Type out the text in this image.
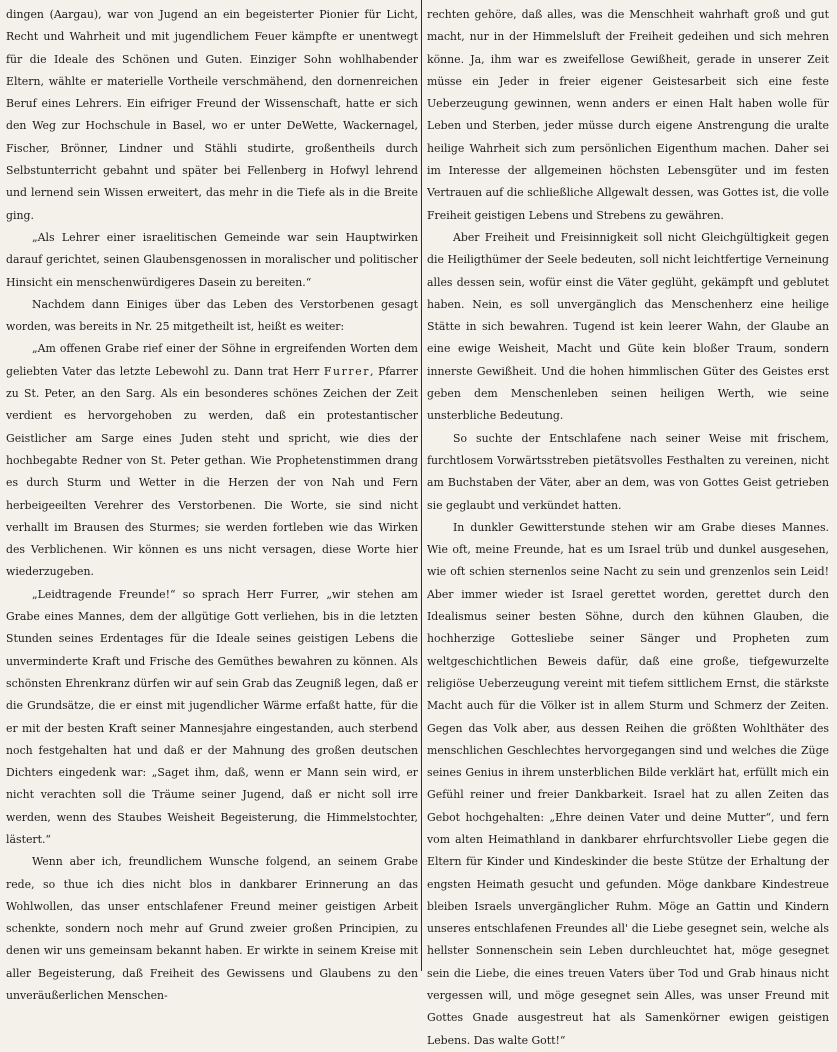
dingen (Aargau), war von Jugend an ein begeisterter Pionier für Licht, Recht und Wahrheit und mit jugendlichem Feuer kämpfte er unentwegt für die Ideale des Schönen und Guten. Einziger Sohn wohlhabender Eltern, wählte er materielle Vortheile verschmähend, den dornenreichen Beruf eines Lehrers. Ein eifriger Freund der Wissenschaft, hatte er sich den Weg zur Hochschule in Basel, wo er unter DeWette, Wackernagel, Fischer, Brönner, Lindner und Stähli studirte, großentheils durch Selbstunterricht gebahnt und später bei Fellenberg in Hofwyl lehrend und lernend sein Wissen erweitert, das mehr in die Tiefe als in die Breite ging.

„Als Lehrer einer israelitischen Gemeinde war sein Hauptwirken darauf gerichtet, seinen Glaubensgenossen in moralischer und politischer Hinsicht ein menschenwürdigeres Dasein zu bereiten.“

Nachdem dann Einiges über das Leben des Verstorbenen gesagt worden, was bereits in Nr. 25 mitgetheilt ist, heißt es weiter:

„Am offenen Grabe rief einer der Söhne in ergreifenden Worten dem geliebten Vater das letzte Lebewohl zu. Dann trat Herr Furrer, Pfarrer zu St. Peter, an den Sarg. Als ein besonderes schönes Zeichen der Zeit verdient es hervorgehoben zu werden, daß ein protestantischer Geistlicher am Sarge eines Juden steht und spricht, wie dies der hochbegabte Redner von St. Peter gethan. Wie Prophetenstimmen drang es durch Sturm und Wetter in die Herzen der von Nah und Fern herbeigeeilten Verehrer des Verstorbenen. Die Worte, sie sind nicht verhallt im Brausen des Sturmes; sie werden fortleben wie das Wirken des Verblichenen. Wir können es uns nicht versagen, diese Worte hier wiederzugeben.

„Leidtragende Freunde!“ so sprach Herr Furrer, „wir stehen am Grabe eines Mannes, dem der allgütige Gott verliehen, bis in die letzten Stunden seines Erdentages für die Ideale seines geistigen Lebens die unverminderte Kraft und Frische des Gemüthes bewahren zu können. Als schönsten Ehrenkranz dürfen wir auf sein Grab das Zeugniß legen, daß er die Grundsätze, die er einst mit jugendlicher Wärme erfaßt hatte, für die er mit der besten Kraft seiner Mannesjahre eingestanden, auch sterbend noch festgehalten hat und daß er der Mahnung des großen deutschen Dichters eingedenk war: „Saget ihm, daß, wenn er Mann sein wird, er nicht verachten soll die Träume seiner Jugend, daß er nicht soll irre werden, wenn des Staubes Weisheit Begeisterung, die Himmelstochter, lästert.“

Wenn aber ich, freundlichem Wunsche folgend, an seinem Grabe rede, so thue ich dies nicht blos in dankbarer Erinnerung an das Wohlwollen, das unser entschlafener Freund meiner geistigen Arbeit schenkte, sondern noch mehr auf Grund zweier großen Principien, zu denen wir uns gemeinsam bekannt haben. Er wirkte in seinem Kreise mit aller Begeisterung, daß Freiheit des Gewissens und Glaubens zu den unveräußerlichen Menschen-

rechten gehöre, daß alles, was die Menschheit wahrhaft groß und gut macht, nur in der Himmelsluft der Freiheit gedeihen und sich mehren könne. Ja, ihm war es zweifellose Gewißheit, gerade in unserer Zeit müsse ein Jeder in freier eigener Geistesarbeit sich eine feste Ueberzeugung gewinnen, wenn anders er einen Halt haben wolle für Leben und Sterben, jeder müsse durch eigene Anstrengung die uralte heilige Wahrheit sich zum persönlichen Eigenthum machen. Daher sei im Interesse der allgemeinen höchsten Lebensgüter und im festen Vertrauen auf die schließliche Allgewalt dessen, was Gottes ist, die volle Freiheit geistigen Lebens und Strebens zu gewähren.

Aber Freiheit und Freisinnigkeit soll nicht Gleichgültigkeit gegen die Heiligthümer der Seele bedeuten, soll nicht leichtfertige Verneinung alles dessen sein, wofür einst die Väter geglüht, gekämpft und geblutet haben. Nein, es soll unvergänglich das Menschenherz eine heilige Stätte in sich bewahren. Tugend ist kein leerer Wahn, der Glaube an eine ewige Weisheit, Macht und Güte kein bloßer Traum, sondern innerste Gewißheit. Und die hohen himmlischen Güter des Geistes erst geben dem Menschenleben seinen heiligen Werth, wie seine unsterbliche Bedeutung.

So suchte der Entschlafene nach seiner Weise mit frischem, furchtlosem Vorwärtsstreben pietätsvolles Festhalten zu vereinen, nicht am Buchstaben der Väter, aber an dem, was von Gottes Geist getrieben sie geglaubt und verkündet hatten.

In dunkler Gewitterstunde stehen wir am Grabe dieses Mannes. Wie oft, meine Freunde, hat es um Israel trüb und dunkel ausgesehen, wie oft schien sternenlos seine Nacht zu sein und grenzenlos sein Leid! Aber immer wieder ist Israel gerettet worden, gerettet durch den Idealismus seiner besten Söhne, durch den kühnen Glauben, die hochherzige Gottesliebe seiner Sänger und Propheten zum weltgeschichtlichen Beweis dafür, daß eine große, tiefgewurzelte religiöse Ueberzeugung vereint mit tiefem sittlichem Ernst, die stärkste Macht auch für die Völker ist in allem Sturm und Schmerz der Zeiten. Gegen das Volk aber, aus dessen Reihen die größten Wohlthäter des menschlichen Geschlechtes hervorgegangen sind und welches die Züge seines Genius in ihrem unsterblichen Bilde verklärt hat, erfüllt mich ein Gefühl reiner und freier Dankbarkeit. Israel hat zu allen Zeiten das Gebot hochgehalten: „Ehre deinen Vater und deine Mutter“, und fern vom alten Heimathland in dankbarer ehrfurchtsvoller Liebe gegen die Eltern für Kinder und Kindeskinder die beste Stütze der Erhaltung der engsten Heimath gesucht und gefunden. Möge dankbare Kindestreue bleiben Israels unvergänglicher Ruhm. Möge an Gattin und Kindern unseres entschlafenen Freundes all' die Liebe gesegnet sein, welche als hellster Sonnenschein sein Leben durchleuchtet hat, möge gesegnet sein die Liebe, die eines treuen Vaters über Tod und Grab hinaus nicht vergessen will, und möge gesegnet sein Alles, was unser Freund mit Gottes Gnade ausgestreut hat als Samenkörner ewigen geistigen Lebens. Das walte Gott!“
